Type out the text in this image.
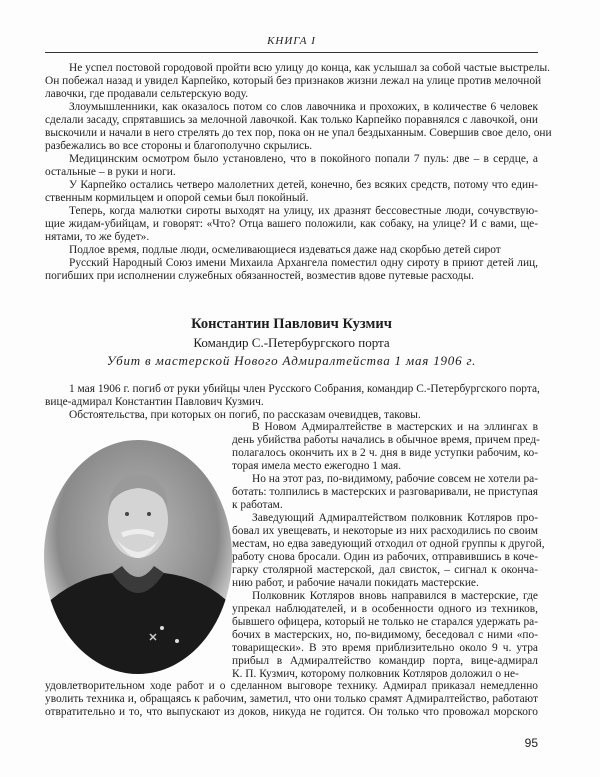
КНИГА I
Не успел постовой городовой пройти всю улицу до конца, как услышал за собой частые выстрелы.
Он побежал назад и увидел Карпейко, который без признаков жизни лежал на улице против мелочной
лавочки, где продавали сельтерскую воду.
Злоумышленники, как оказалось потом со слов лавочника и прохожих, в количестве 6 человек
сделали засаду, спрятавшись за мелочной лавочкой. Как только Карпейко поравнялся с лавочкой, они
выскочили и начали в него стрелять до тех пор, пока он не упал бездыханным. Совершив свое дело, они
разбежались во все стороны и благополучно скрылись.
Медицинским осмотром было установлено, что в покойного попали 7 пуль: две – в сердце, а
остальные – в руки и ноги.
У Карпейко остались четверо малолетних детей, конечно, без всяких средств, потому что един-
ственным кормильцем и опорой семьи был покойный.
Теперь, когда малютки сироты выходят на улицу, их дразнят бессовестные люди, сочувствую-
щие жидам-убийцам, и говорят: «Что? Отца вашего положили, как собаку, на улице? И с вами, ще-
нятами, то же будет».
Подлое время, подлые люди, осмеливающиеся издеваться даже над скорбью детей сирот
Русский Народный Союз имени Михаила Архангела поместил одну сироту в приют детей лиц,
погибших при исполнении служебных обязанностей, возместив вдове путевые расходы.
Константин Павлович Кузмич
Командир С.-Петербургского порта
Убит в мастерской Нового Адмиралтейства 1 мая 1906 г.
1 мая 1906 г. погиб от руки убийцы член Русского Собрания, командир С.-Петербургского порта,
вице-адмирал Константин Павлович Кузмич.
Обстоятельства, при которых он погиб, по рассказам очевидцев, таковы.
В Новом Адмиралтействе в мастерских и на эллингах в
день убийства работы начались в обычное время, причем пред-
полагалось окончить их в 2 ч. дня в виде уступки рабочим, ко-
торая имела место ежегодно 1 мая.
Но на этот раз, по-видимому, рабочие совсем не хотели ра-
ботать: толпились в мастерских и разговаривали, не приступая
к работам.
Заведующий Адмиралтейством полковник Котляров про-
бовал их увещевать, и некоторые из них расходились по своим
местам, но едва заведующий отходил от одной группы к другой,
работу снова бросали. Один из рабочих, отправившись в коче-
гарку столярной мастерской, дал свисток, – сигнал к оконча-
нию работ, и рабочие начали покидать мастерские.
Полковник Котляров вновь направился в мастерские, где
упрекал наблюдателей, и в особенности одного из техников,
бывшего офицера, который не только не старался удержать ра-
бочих в мастерских, но, по-видимому, беседовал с ними «по-
товарищески». В это время приблизительно около 9 ч. утра
прибыл в Адмиралтейство командир порта, вице-адмирал
К. П. Кузмич, которому полковник Котляров доложил о не-
удовлетворительном ходе работ и о сделанном выговоре технику. Адмирал приказал немедленно
уволить техника и, обращаясь к рабочим, заметил, что они только срамят Адмиралтейство, работают
отвратительно и то, что выпускают из доков, никуда не годится. Он только что провожал морского
95
